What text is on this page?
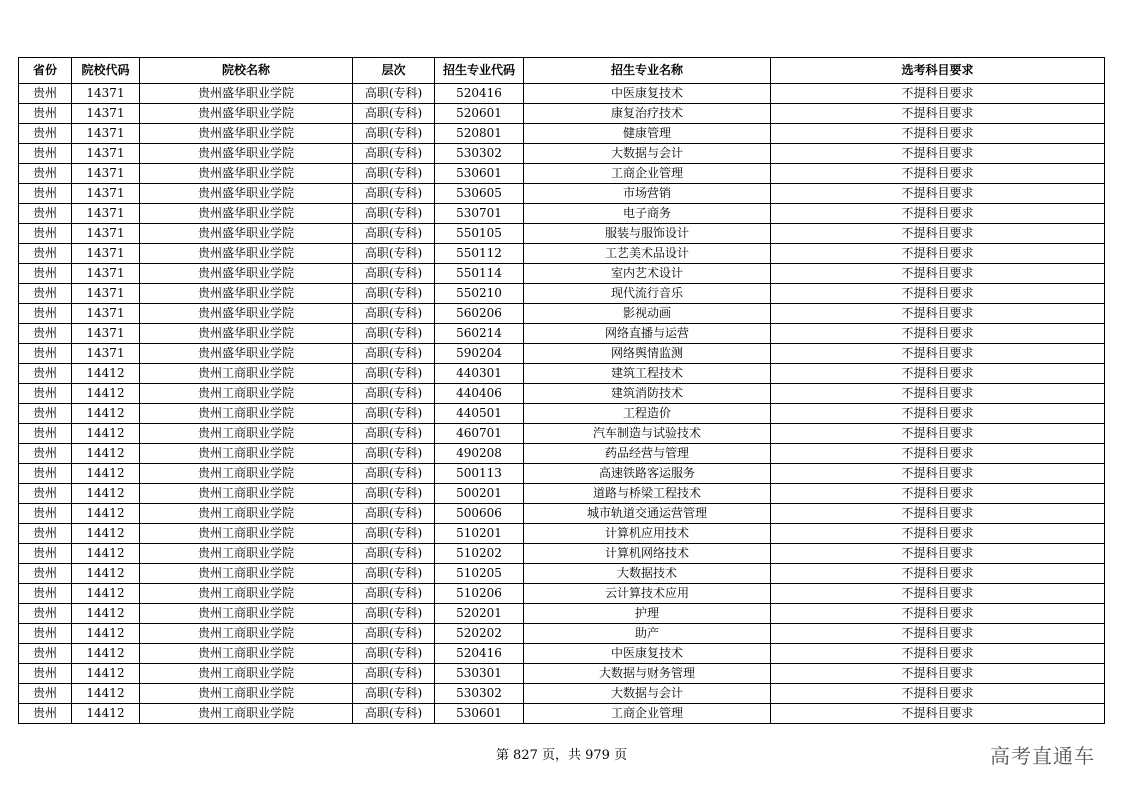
省份	院校代码	院校名称	层次	招生专业代码	招生专业名称	选考科目要求
贵州	14371	贵州盛华职业学院	高职(专科)	520416	中医康复技术	不提科目要求
贵州	14371	贵州盛华职业学院	高职(专科)	520601	康复治疗技术	不提科目要求
贵州	14371	贵州盛华职业学院	高职(专科)	520801	健康管理	不提科目要求
贵州	14371	贵州盛华职业学院	高职(专科)	530302	大数据与会计	不提科目要求
贵州	14371	贵州盛华职业学院	高职(专科)	530601	工商企业管理	不提科目要求
贵州	14371	贵州盛华职业学院	高职(专科)	530605	市场营销	不提科目要求
贵州	14371	贵州盛华职业学院	高职(专科)	530701	电子商务	不提科目要求
贵州	14371	贵州盛华职业学院	高职(专科)	550105	服装与服饰设计	不提科目要求
贵州	14371	贵州盛华职业学院	高职(专科)	550112	工艺美术品设计	不提科目要求
贵州	14371	贵州盛华职业学院	高职(专科)	550114	室内艺术设计	不提科目要求
贵州	14371	贵州盛华职业学院	高职(专科)	550210	现代流行音乐	不提科目要求
贵州	14371	贵州盛华职业学院	高职(专科)	560206	影视动画	不提科目要求
贵州	14371	贵州盛华职业学院	高职(专科)	560214	网络直播与运营	不提科目要求
贵州	14371	贵州盛华职业学院	高职(专科)	590204	网络舆情监测	不提科目要求
贵州	14412	贵州工商职业学院	高职(专科)	440301	建筑工程技术	不提科目要求
贵州	14412	贵州工商职业学院	高职(专科)	440406	建筑消防技术	不提科目要求
贵州	14412	贵州工商职业学院	高职(专科)	440501	工程造价	不提科目要求
贵州	14412	贵州工商职业学院	高职(专科)	460701	汽车制造与试验技术	不提科目要求
贵州	14412	贵州工商职业学院	高职(专科)	490208	药品经营与管理	不提科目要求
贵州	14412	贵州工商职业学院	高职(专科)	500113	高速铁路客运服务	不提科目要求
贵州	14412	贵州工商职业学院	高职(专科)	500201	道路与桥梁工程技术	不提科目要求
贵州	14412	贵州工商职业学院	高职(专科)	500606	城市轨道交通运营管理	不提科目要求
贵州	14412	贵州工商职业学院	高职(专科)	510201	计算机应用技术	不提科目要求
贵州	14412	贵州工商职业学院	高职(专科)	510202	计算机网络技术	不提科目要求
贵州	14412	贵州工商职业学院	高职(专科)	510205	大数据技术	不提科目要求
贵州	14412	贵州工商职业学院	高职(专科)	510206	云计算技术应用	不提科目要求
贵州	14412	贵州工商职业学院	高职(专科)	520201	护理	不提科目要求
贵州	14412	贵州工商职业学院	高职(专科)	520202	助产	不提科目要求
贵州	14412	贵州工商职业学院	高职(专科)	520416	中医康复技术	不提科目要求
贵州	14412	贵州工商职业学院	高职(专科)	530301	大数据与财务管理	不提科目要求
贵州	14412	贵州工商职业学院	高职(专科)	530302	大数据与会计	不提科目要求
贵州	14412	贵州工商职业学院	高职(专科)	530601	工商企业管理	不提科目要求
第 827 页，共 979 页	高考直通车
